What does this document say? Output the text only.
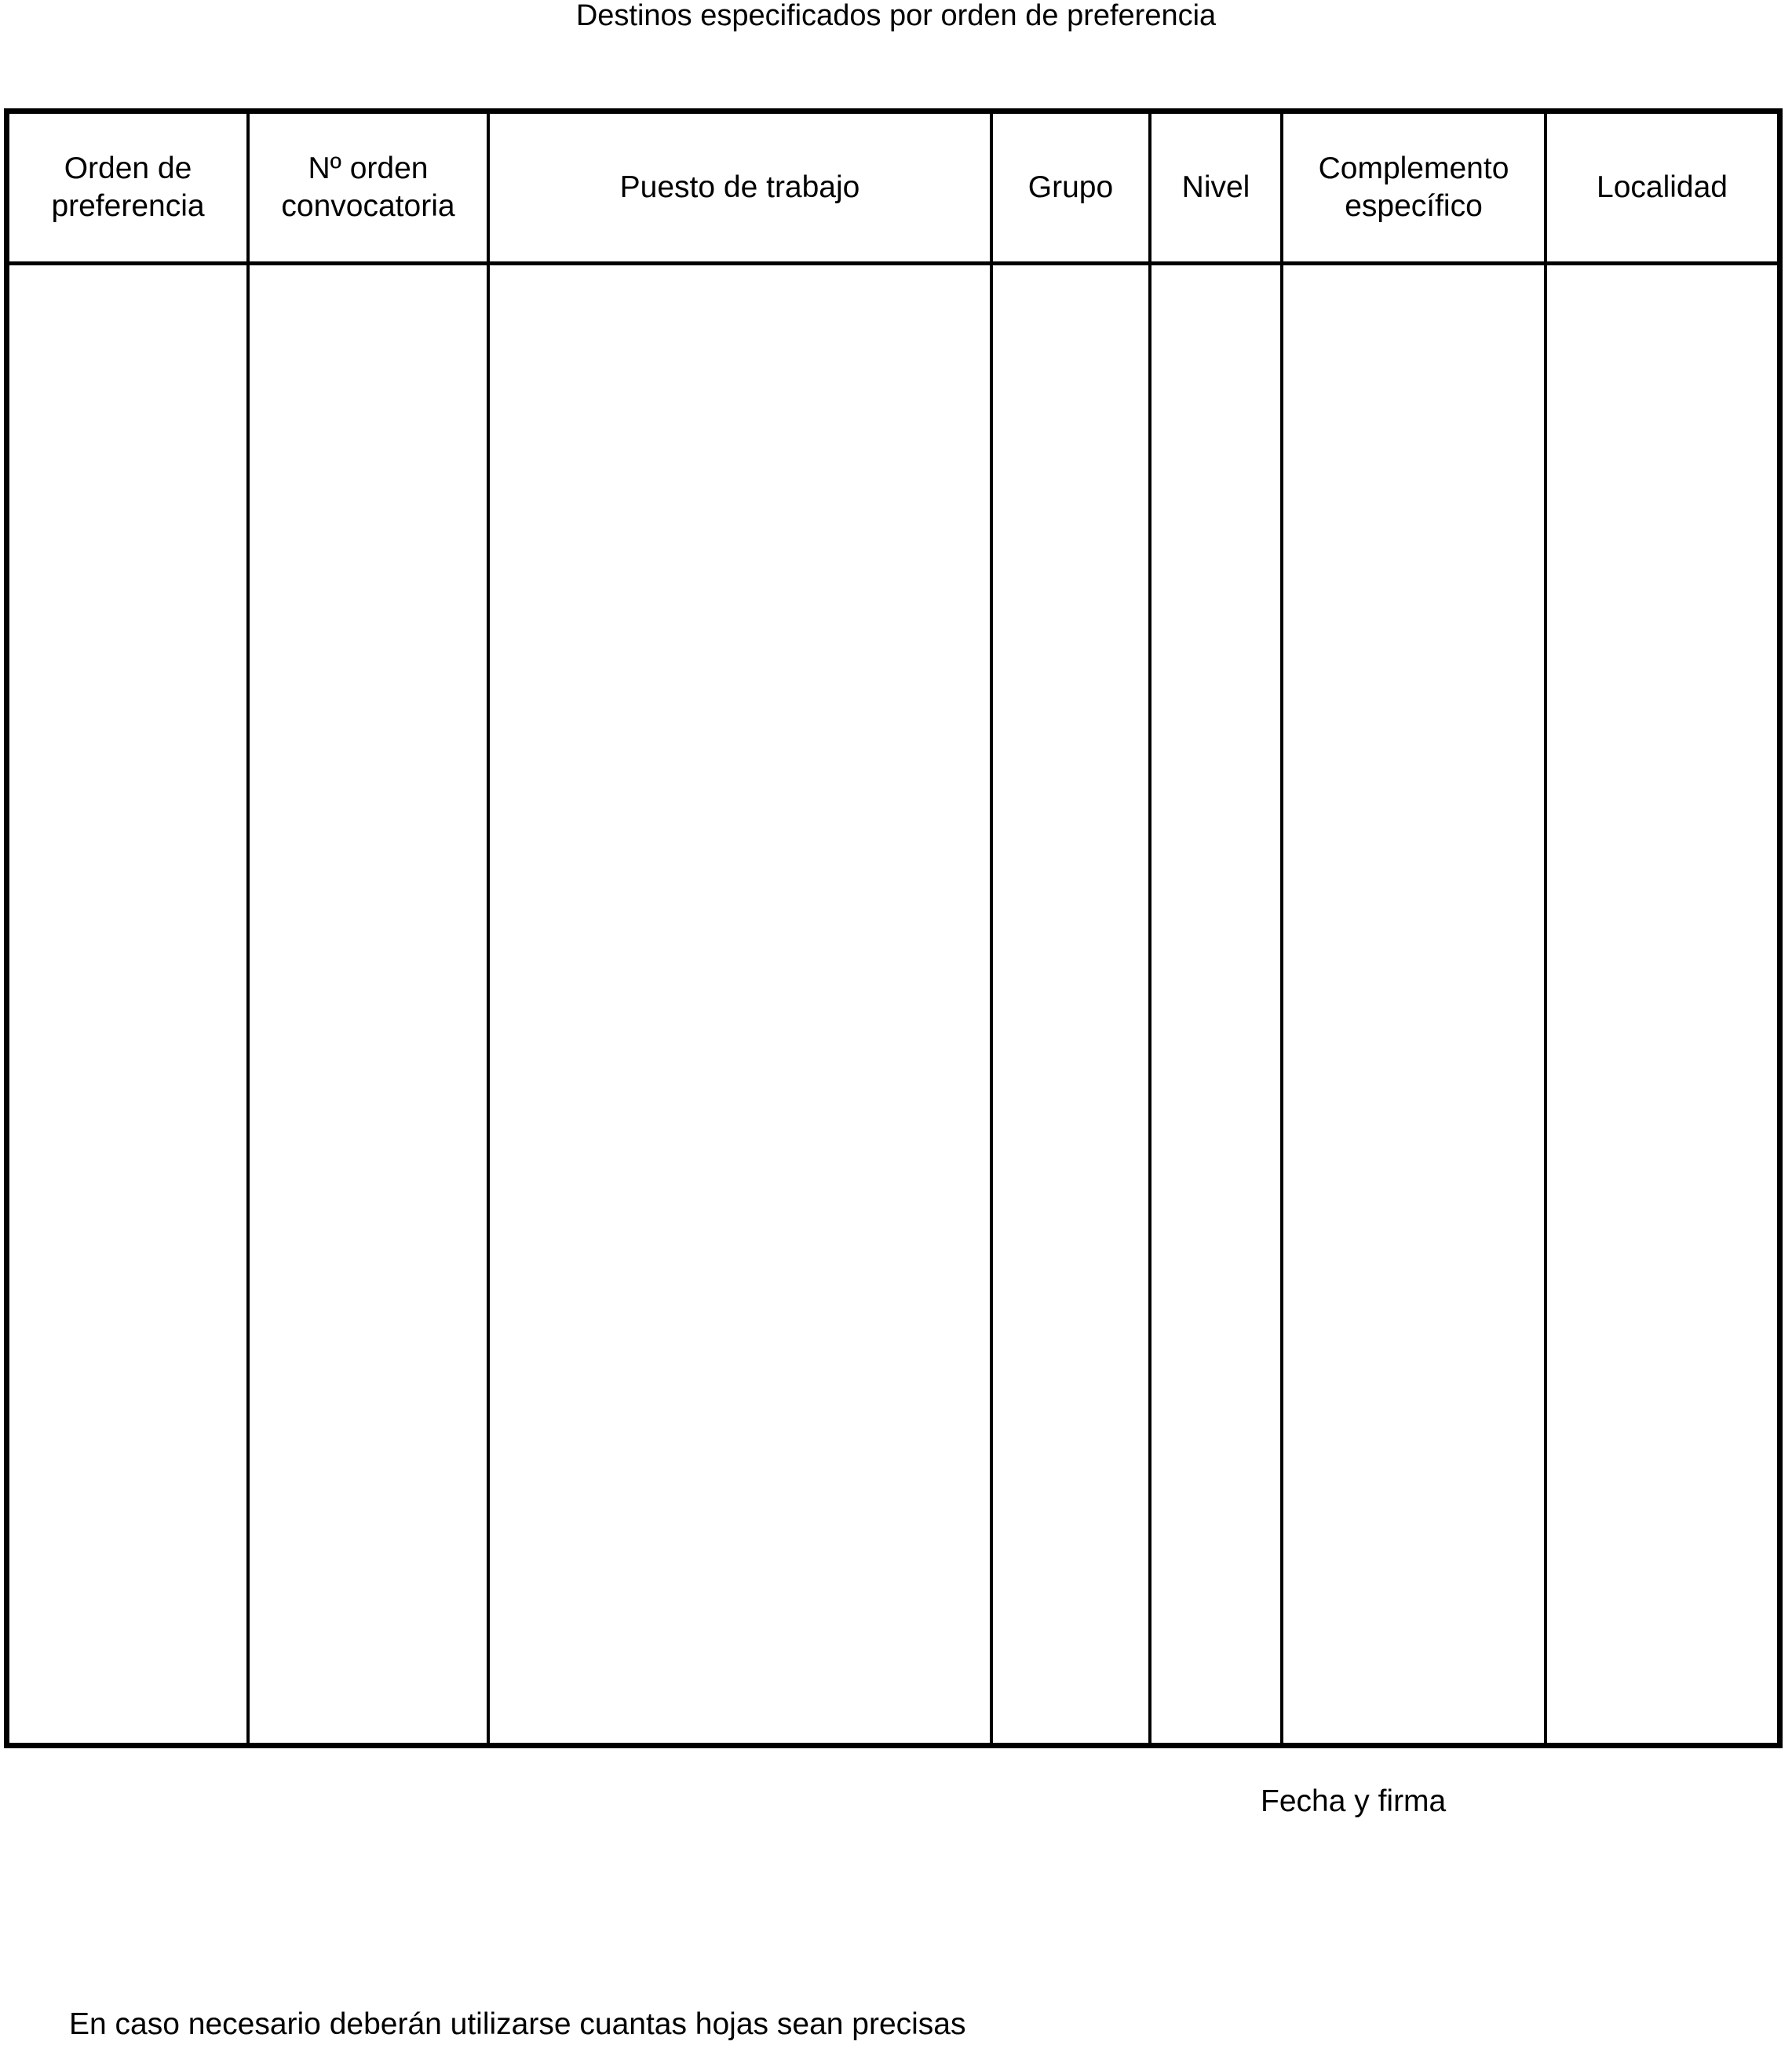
Destinos especificados por orden de preferencia
Orden de preferencia
Nº orden convocatoria
Puesto de trabajo	Grupo Nivel
Complemento específico
Localidad
Fecha y firma
En caso necesario deberán utilizarse cuantas hojas sean precisas
